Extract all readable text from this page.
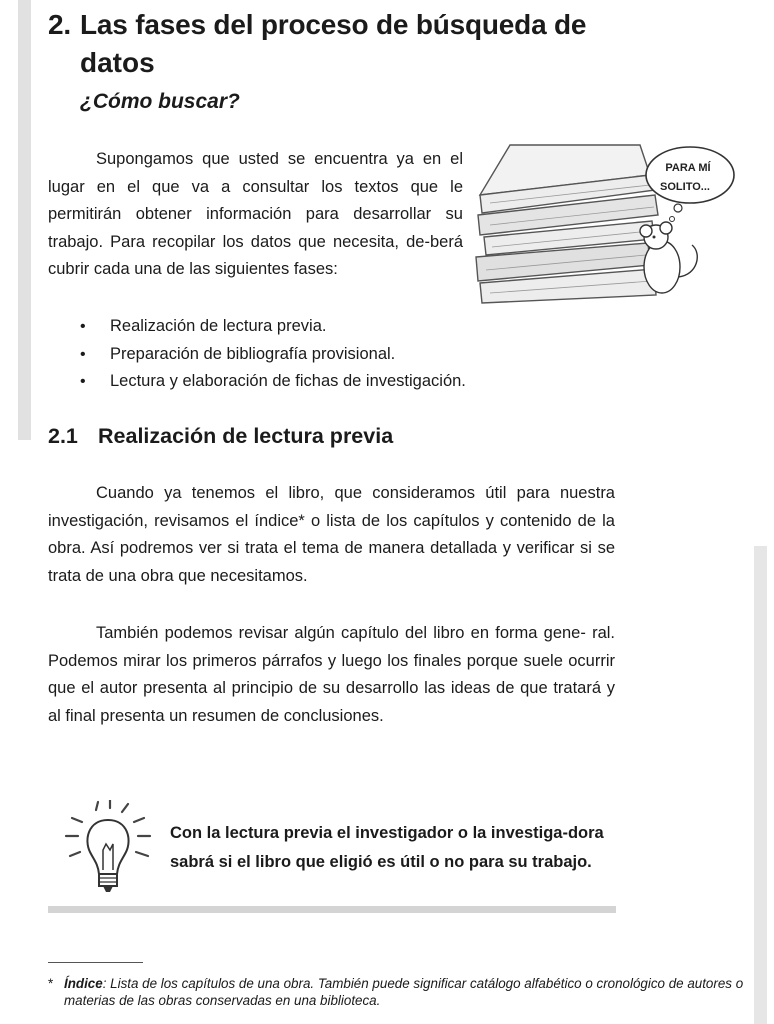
2. Las fases del proceso de búsqueda de
datos
¿Cómo buscar?

Supongamos que usted se encuentra ya en el lugar en el que va a consultar los textos que le permitirán obtener información para desarrollar su trabajo. Para recopilar los datos que necesita, de-berá cubrir cada una de las siguientes fases:

PARA MÍ
SOLITO...
• Realización de lectura previa.
• Preparación de bibliografía provisional.
• Lectura y elaboración de fichas de investigación.
2.1 Realización de lectura previa

Cuando ya tenemos el libro, que consideramos útil para nuestra investigación, revisamos el índice* o lista de los capítulos y contenido de la obra. Así podremos ver si trata el tema de manera detallada y verificar si se trata de una obra que necesitamos.

También podemos revisar algún capítulo del libro en forma gene- ral. Podemos mirar los primeros párrafos y luego los finales porque suele ocurrir que el autor presenta al principio de su desarrollo las ideas de que tratará y al final presenta un resumen de conclusiones.

Con la lectura previa el investigador o la investiga-dora sabrá si el libro que eligió es útil o no para su trabajo.

* Índice: Lista de los capítulos de una obra. También puede significar catálogo alfabético o cronológico de autores o materias de las obras conservadas en una biblioteca.
